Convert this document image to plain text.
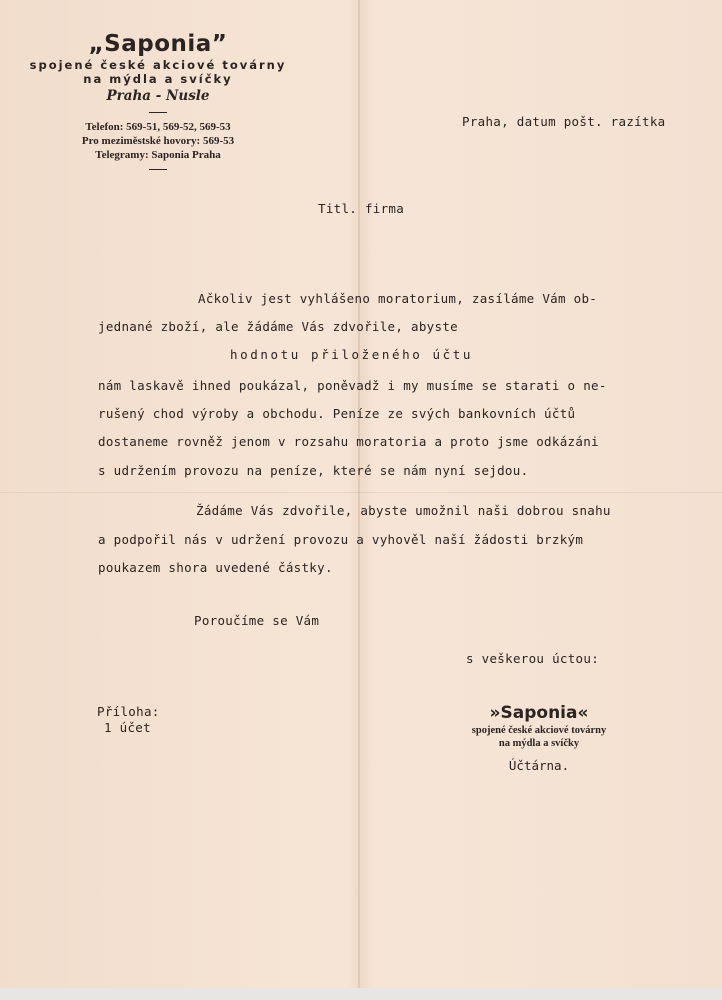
„Saponia”
spojené české akciové továrny
na mýdla a svíčky
Praha - Nusle
Telefon: 569-51, 569-52, 569-53
Pro meziměstské hovory: 569-53
Telegramy: Saponia Praha
Praha, datum pošt. razítka
Titl. firma
Ačkoliv jest vyhlášeno moratorium, zasíláme Vám ob-
jednané zboží, ale žádáme Vás zdvořile, abyste
hodnotu přiloženého účtu
nám laskavě ihned poukázal, poněvadž i my musíme se starati o ne-
rušený chod výroby a obchodu. Peníze ze svých bankovních účtů
dostaneme rovněž jenom v rozsahu moratoria a proto jsme odkázáni
s udržením provozu na peníze, které se nám nyní sejdou.
Žádáme Vás zdvořile, abyste umožnil naši dobrou snahu
a podpořil nás v udržení provozu a vyhověl naší žádosti brzkým
poukazem shora uvedené částky.
Poroučíme se Vám
s veškerou úctou:
Příloha:
1 účet
»Saponia«
spojené české akciové továrny
na mýdla a svíčky
Účtárna.
